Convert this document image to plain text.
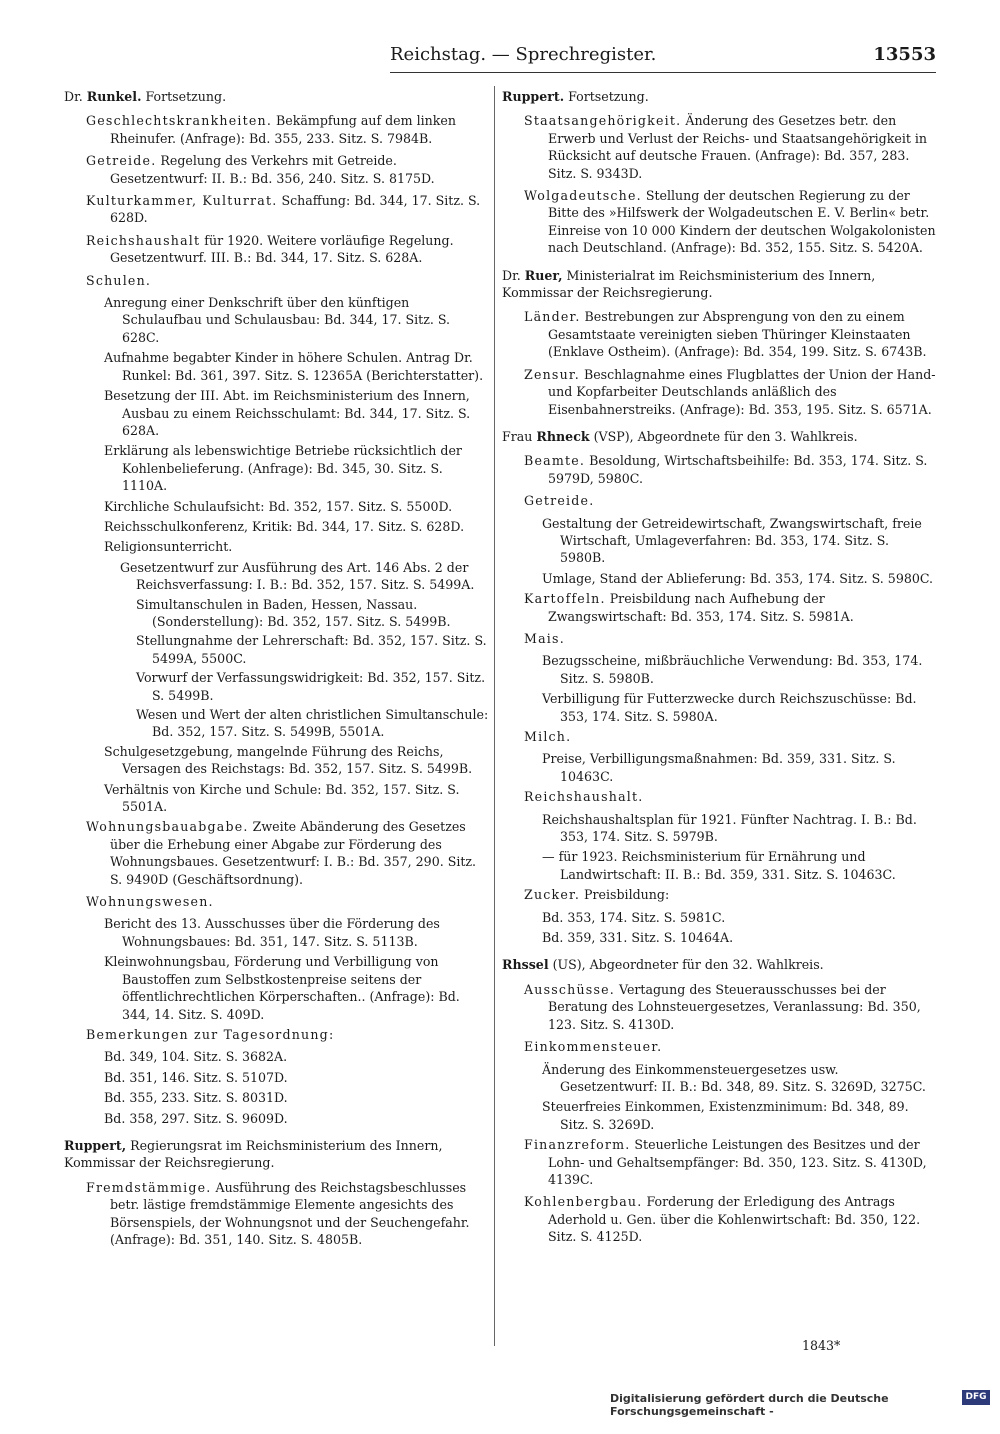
Reichstag. — Sprechregister.	13553
Dr. Runkel. Fortsetzung.
Geschlechtskrankheiten. Bekämpfung auf dem linken Rheinufer. (Anfrage): Bd. 355, 233. Sitz. S. 7984B.
Getreide. Regelung des Verkehrs mit Getreide. Gesetzentwurf: II. B.: Bd. 356, 240. Sitz. S. 8175D.
Kulturkammer, Kulturrat. Schaffung: Bd. 344, 17. Sitz. S. 628D.
Reichshaushalt für 1920. Weitere vorläufige Regelung. Gesetzentwurf. III. B.: Bd. 344, 17. Sitz. S. 628A.
Schulen.
Anregung einer Denkschrift über den künftigen Schulaufbau und Schulausbau: Bd. 344, 17. Sitz. S. 628C.
Aufnahme begabter Kinder in höhere Schulen. Antrag Dr. Runkel: Bd. 361, 397. Sitz. S. 12365A (Berichterstatter).
Besetzung der III. Abt. im Reichsministerium des Innern, Ausbau zu einem Reichsschulamt: Bd. 344, 17. Sitz. S. 628A.
Erklärung als lebenswichtige Betriebe rücksichtlich der Kohlenbelieferung. (Anfrage): Bd. 345, 30. Sitz. S. 1110A.
Kirchliche Schulaufsicht: Bd. 352, 157. Sitz. S. 5500D.
Reichsschulkonferenz, Kritik: Bd. 344, 17. Sitz. S. 628D.
Religionsunterricht.
Gesetzentwurf zur Ausführung des Art. 146 Abs. 2 der Reichsverfassung: I. B.: Bd. 352, 157. Sitz. S. 5499A.
Simultanschulen in Baden, Hessen, Nassau. (Sonderstellung): Bd. 352, 157. Sitz. S. 5499B.
Stellungnahme der Lehrerschaft: Bd. 352, 157. Sitz. S. 5499A, 5500C.
Vorwurf der Verfassungswidrigkeit: Bd. 352, 157. Sitz. S. 5499B.
Wesen und Wert der alten christlichen Simultanschule: Bd. 352, 157. Sitz. S. 5499B, 5501A.
Schulgesetzgebung, mangelnde Führung des Reichs, Versagen des Reichstags: Bd. 352, 157. Sitz. S. 5499B.
Verhältnis von Kirche und Schule: Bd. 352, 157. Sitz. S. 5501A.
Wohnungsbauabgabe. Zweite Abänderung des Gesetzes über die Erhebung einer Abgabe zur Förderung des Wohnungsbaues. Gesetzentwurf: I. B.: Bd. 357, 290. Sitz. S. 9490D (Geschäftsordnung).
Wohnungswesen.
Bericht des 13. Ausschusses über die Förderung des Wohnungsbaues: Bd. 351, 147. Sitz. S. 5113B.
Kleinwohnungsbau, Förderung und Verbilligung von Baustoffen zum Selbstkostenpreise seitens der öffentlichrechtlichen Körperschaften.. (Anfrage): Bd. 344, 14. Sitz. S. 409D.
Bemerkungen zur Tagesordnung:
Bd. 349, 104. Sitz. S. 3682A.
Bd. 351, 146. Sitz. S. 5107D.
Bd. 355, 233. Sitz. S. 8031D.
Bd. 358, 297. Sitz. S. 9609D.
Ruppert, Regierungsrat im Reichsministerium des Innern, Kommissar der Reichsregierung.
Fremdstämmige. Ausführung des Reichstagsbeschlusses betr. lästige fremdstämmige Elemente angesichts des Börsenspiels, der Wohnungsnot und der Seuchengefahr. (Anfrage): Bd. 351, 140. Sitz. S. 4805B.
Ruppert. Fortsetzung.
Staatsangehörigkeit. Änderung des Gesetzes betr. den Erwerb und Verlust der Reichs- und Staatsangehörigkeit in Rücksicht auf deutsche Frauen. (Anfrage): Bd. 357, 283. Sitz. S. 9343D.
Wolgadeutsche. Stellung der deutschen Regierung zu der Bitte des »Hilfswerk der Wolgadeutschen E. V. Berlin« betr. Einreise von 10 000 Kindern der deutschen Wolgakolonisten nach Deutschland. (Anfrage): Bd. 352, 155. Sitz. S. 5420A.
Dr. Ruer, Ministerialrat im Reichsministerium des Innern, Kommissar der Reichsregierung.
Länder. Bestrebungen zur Absprengung von den zu einem Gesamtstaate vereinigten sieben Thüringer Kleinstaaten (Enklave Ostheim). (Anfrage): Bd. 354, 199. Sitz. S. 6743B.
Zensur. Beschlagnahme eines Flugblattes der Union der Hand- und Kopfarbeiter Deutschlands anläßlich des Eisenbahnerstreiks. (Anfrage): Bd. 353, 195. Sitz. S. 6571A.
Frau Rhneck (VSP), Abgeordnete für den 3. Wahlkreis.
Beamte. Besoldung, Wirtschaftsbeihilfe: Bd. 353, 174. Sitz. S. 5979D, 5980C.
Getreide.
Gestaltung der Getreidewirtschaft, Zwangswirtschaft, freie Wirtschaft, Umlageverfahren: Bd. 353, 174. Sitz. S. 5980B.
Umlage, Stand der Ablieferung: Bd. 353, 174. Sitz. S. 5980C.
Kartoffeln. Preisbildung nach Aufhebung der Zwangswirtschaft: Bd. 353, 174. Sitz. S. 5981A.
Mais.
Bezugsscheine, mißbräuchliche Verwendung: Bd. 353, 174. Sitz. S. 5980B.
Verbilligung für Futterzwecke durch Reichszuschüsse: Bd. 353, 174. Sitz. S. 5980A.
Milch.
Preise, Verbilligungsmaßnahmen: Bd. 359, 331. Sitz. S. 10463C.
Reichshaushalt.
Reichshaushaltsplan für 1921. Fünfter Nachtrag. I. B.: Bd. 353, 174. Sitz. S. 5979B.
— für 1923. Reichsministerium für Ernährung und Landwirtschaft: II. B.: Bd. 359, 331. Sitz. S. 10463C.
Zucker. Preisbildung:
Bd. 353, 174. Sitz. S. 5981C.
Bd. 359, 331. Sitz. S. 10464A.
Rhssel (US), Abgeordneter für den 32. Wahlkreis.
Ausschüsse. Vertagung des Steuerausschusses bei der Beratung des Lohnsteuergesetzes, Veranlassung: Bd. 350, 123. Sitz. S. 4130D.
Einkommensteuer.
Änderung des Einkommensteuergesetzes usw. Gesetzentwurf: II. B.: Bd. 348, 89. Sitz. S. 3269D, 3275C.
Steuerfreies Einkommen, Existenzminimum: Bd. 348, 89. Sitz. S. 3269D.
Finanzreform. Steuerliche Leistungen des Besitzes und der Lohn- und Gehaltsempfänger: Bd. 350, 123. Sitz. S. 4130D, 4139C.
Kohlenbergbau. Forderung der Erledigung des Antrags Aderhold u. Gen. über die Kohlenwirtschaft: Bd. 350, 122. Sitz. S. 4125D.
1843*
Digitalisierung gefördert durch die Deutsche Forschungsgemeinschaft -
DFG
